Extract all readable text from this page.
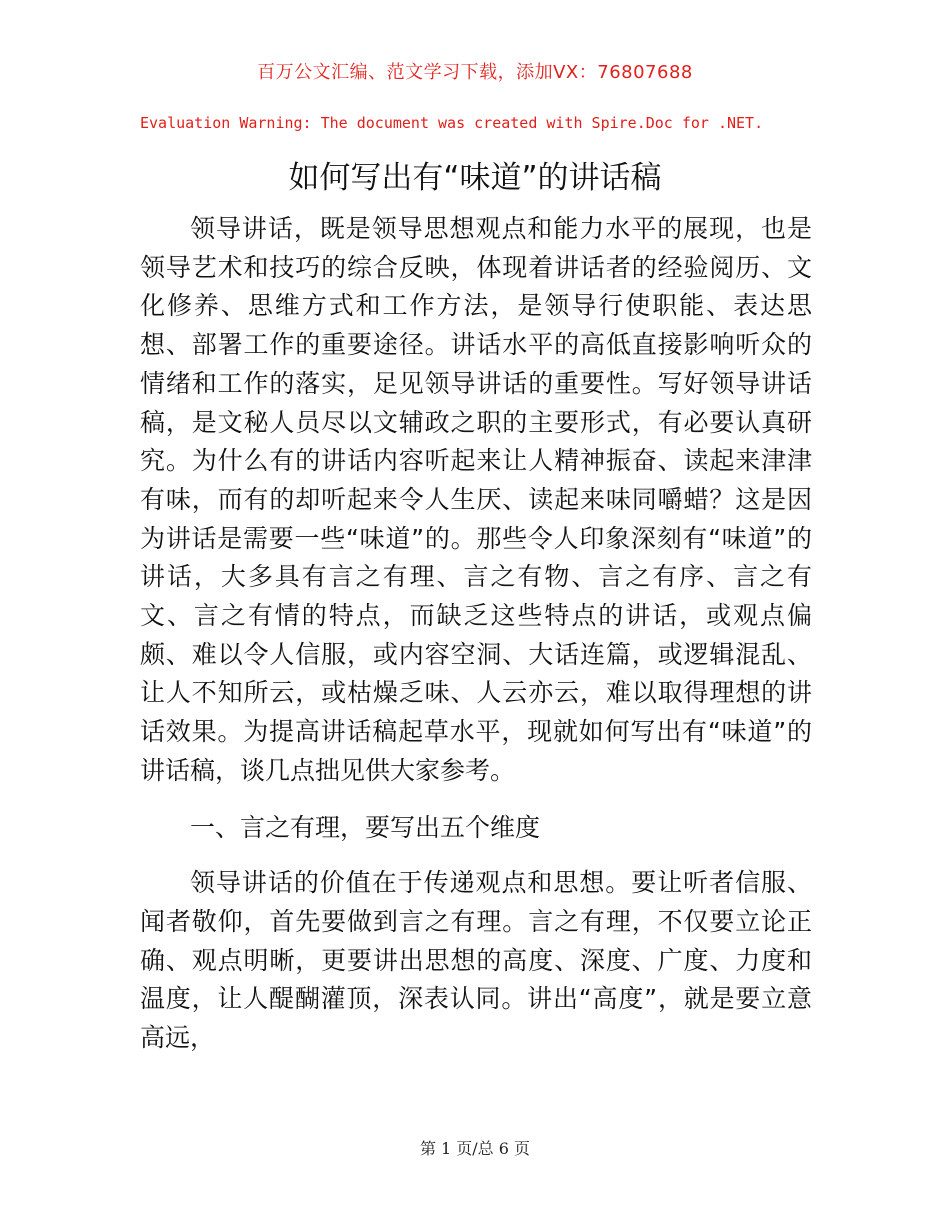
百万公文汇编、范文学习下载，添加VX：76807688
Evaluation Warning: The document was created with Spire.Doc for .NET.
如何写出有“味道”的讲话稿

领导讲话，既是领导思想观点和能力水平的展现，也是领导艺术和技巧的综合反映，体现着讲话者的经验阅历、文化修养、思维方式和工作方法，是领导行使职能、表达思想、部署工作的重要途径。讲话水平的高低直接影响听众的情绪和工作的落实，足见领导讲话的重要性。写好领导讲话稿，是文秘人员尽以文辅政之职的主要形式，有必要认真研究。为什么有的讲话内容听起来让人精神振奋、读起来津津有味，而有的却听起来令人生厌、读起来味同嚼蜡？这是因为讲话是需要一些“味道”的。那些令人印象深刻有“味道”的讲话，大多具有言之有理、言之有物、言之有序、言之有文、言之有情的特点，而缺乏这些特点的讲话，或观点偏颇、难以令人信服，或内容空洞、大话连篇，或逻辑混乱、让人不知所云，或枯燥乏味、人云亦云，难以取得理想的讲话效果。为提高讲话稿起草水平，现就如何写出有“味道”的讲话稿，谈几点拙见供大家参考。

一、言之有理，要写出五个维度

领导讲话的价值在于传递观点和思想。要让听者信服、闻者敬仰，首先要做到言之有理。言之有理，不仅要立论正确、观点明晰，更要讲出思想的高度、深度、广度、力度和温度，让人醍醐灌顶，深表认同。讲出“高度”，就是要立意高远，

第 1 页/总 6 页
